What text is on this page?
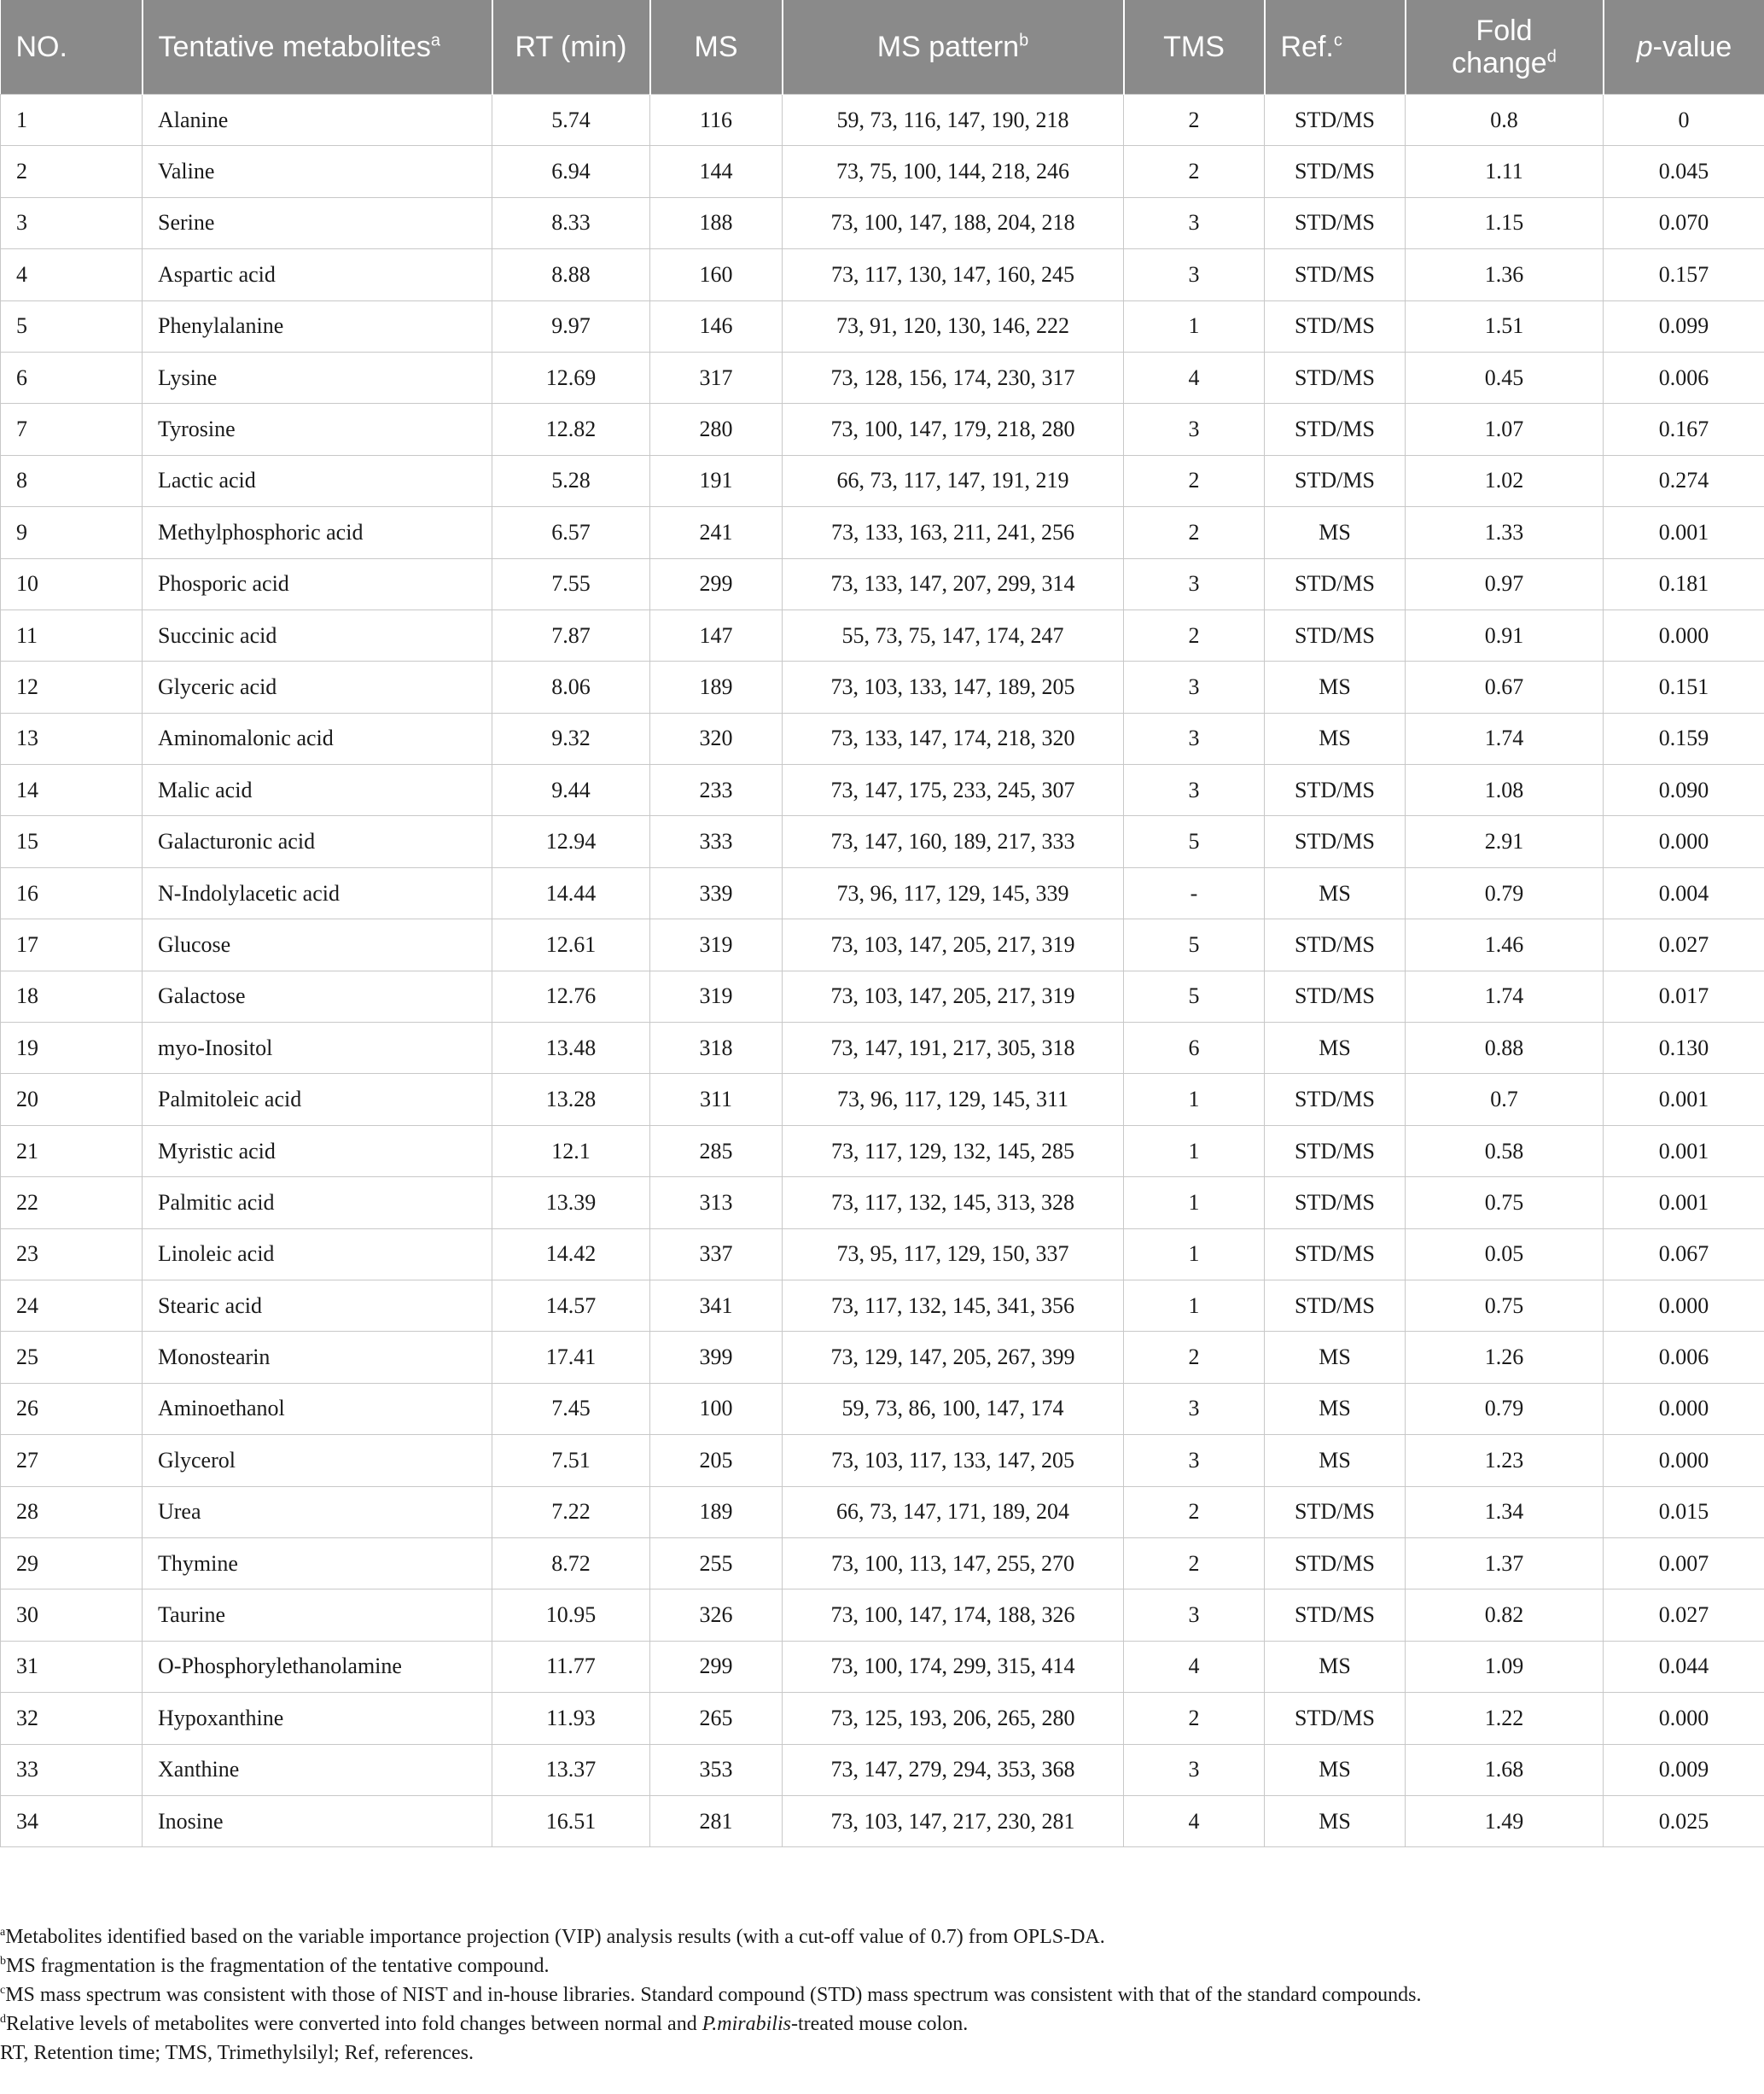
NO.	Tentative metabolites$^a$	RT (min)	MS	MS pattern$^b$	TMS	Ref.$^c$	Fold change$^d$	p-value
1	Alanine	5.74	116	59, 73, 116, 147, 190, 218	2	STD/MS	0.8	0
2	Valine	6.94	144	73, 75, 100, 144, 218, 246	2	STD/MS	1.11	0.045
3	Serine	8.33	188	73, 100, 147, 188, 204, 218	3	STD/MS	1.15	0.070
4	Aspartic acid	8.88	160	73, 117, 130, 147, 160, 245	3	STD/MS	1.36	0.157
5	Phenylalanine	9.97	146	73, 91, 120, 130, 146, 222	1	STD/MS	1.51	0.099
6	Lysine	12.69	317	73, 128, 156, 174, 230, 317	4	STD/MS	0.45	0.006
7	Tyrosine	12.82	280	73, 100, 147, 179, 218, 280	3	STD/MS	1.07	0.167
8	Lactic acid	5.28	191	66, 73, 117, 147, 191, 219	2	STD/MS	1.02	0.274
9	Methylphosphoric acid	6.57	241	73, 133, 163, 211, 241, 256	2	MS	1.33	0.001
10	Phosporic acid	7.55	299	73, 133, 147, 207, 299, 314	3	STD/MS	0.97	0.181
11	Succinic acid	7.87	147	55, 73, 75, 147, 174, 247	2	STD/MS	0.91	0.000
12	Glyceric acid	8.06	189	73, 103, 133, 147, 189, 205	3	MS	0.67	0.151
13	Aminomalonic acid	9.32	320	73, 133, 147, 174, 218, 320	3	MS	1.74	0.159
14	Malic acid	9.44	233	73, 147, 175, 233, 245, 307	3	STD/MS	1.08	0.090
15	Galacturonic acid	12.94	333	73, 147, 160, 189, 217, 333	5	STD/MS	2.91	0.000
16	N-Indolylacetic acid	14.44	339	73, 96, 117, 129, 145, 339	-	MS	0.79	0.004
17	Glucose	12.61	319	73, 103, 147, 205, 217, 319	5	STD/MS	1.46	0.027
18	Galactose	12.76	319	73, 103, 147, 205, 217, 319	5	STD/MS	1.74	0.017
19	myo-Inositol	13.48	318	73, 147, 191, 217, 305, 318	6	MS	0.88	0.130
20	Palmitoleic acid	13.28	311	73, 96, 117, 129, 145, 311	1	STD/MS	0.7	0.001
21	Myristic acid	12.1	285	73, 117, 129, 132, 145, 285	1	STD/MS	0.58	0.001
22	Palmitic acid	13.39	313	73, 117, 132, 145, 313, 328	1	STD/MS	0.75	0.001
23	Linoleic acid	14.42	337	73, 95, 117, 129, 150, 337	1	STD/MS	0.05	0.067
24	Stearic acid	14.57	341	73, 117, 132, 145, 341, 356	1	STD/MS	0.75	0.000
25	Monostearin	17.41	399	73, 129, 147, 205, 267, 399	2	MS	1.26	0.006
26	Aminoethanol	7.45	100	59, 73, 86, 100, 147, 174	3	MS	0.79	0.000
27	Glycerol	7.51	205	73, 103, 117, 133, 147, 205	3	MS	1.23	0.000
28	Urea	7.22	189	66, 73, 147, 171, 189, 204	2	STD/MS	1.34	0.015
29	Thymine	8.72	255	73, 100, 113, 147, 255, 270	2	STD/MS	1.37	0.007
30	Taurine	10.95	326	73, 100, 147, 174, 188, 326	3	STD/MS	0.82	0.027
31	O-Phosphorylethanolamine	11.77	299	73, 100, 174, 299, 315, 414	4	MS	1.09	0.044
32	Hypoxanthine	11.93	265	73, 125, 193, 206, 265, 280	2	STD/MS	1.22	0.000
33	Xanthine	13.37	353	73, 147, 279, 294, 353, 368	3	MS	1.68	0.009
34	Inosine	16.51	281	73, 103, 147, 217, 230, 281	4	MS	1.49	0.025

$^a$Metabolites identified based on the variable importance projection (VIP) analysis results (with a cut-off value of 0.7) from OPLS-DA.

$^b$MS fragmentation is the fragmentation of the tentative compound.

$^c$MS mass spectrum was consistent with those of NIST and in-house libraries. Standard compound (STD) mass spectrum was consistent with that of the standard compounds.

$^d$Relative levels of metabolites were converted into fold changes between normal and P.mirabilis-treated mouse colon.

RT, Retention time; TMS, Trimethylsilyl; Ref, references.
